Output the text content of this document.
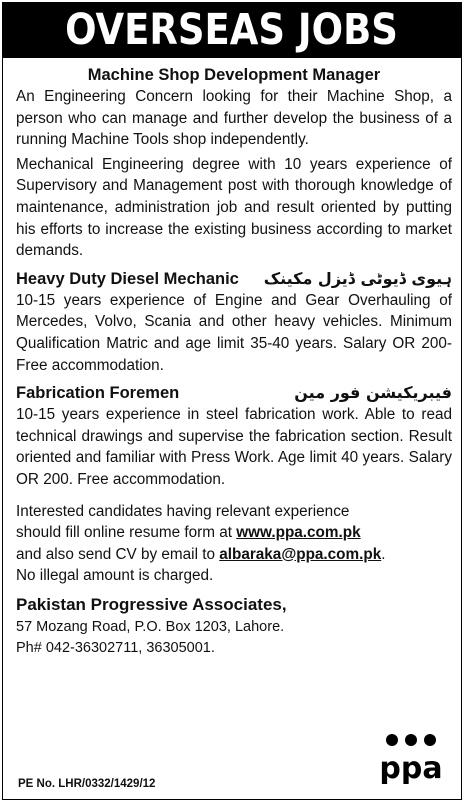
OVERSEAS JOBS
Machine Shop Development Manager

An Engineering Concern looking for their Machine Shop, a person who can manage and further develop the business of a running Machine Tools shop independently.

Mechanical Engineering degree with 10 years experience of Supervisory and Management post with thorough knowledge of maintenance, administration job and result oriented by putting his efforts to increase the existing business according to market demands.

Heavy Duty Diesel Mechanic ہیوی ڈیوٹی ڈیزل مکینک

10-15 years experience of Engine and Gear Overhauling of Mercedes, Volvo, Scania and other heavy vehicles. Minimum Qualification Matric and age limit 35-40 years. Salary OR 200- Free accommodation.

Fabrication Foremen	فیبریکیشن فور مین

10-15 years experience in steel fabrication work. Able to read technical drawings and supervise the fabrication section. Result oriented and familiar with Press Work. Age limit 40 years. Salary OR 200. Free accommodation.

Interested candidates having relevant experience

should fill online resume form at www.ppa.com.pk

and also send CV by email to albaraka@ppa.com.pk.

No illegal amount is charged.

Pakistan Progressive Associates,

57 Mozang Road, P.O. Box 1203, Lahore.

Ph# 042-36302711, 36305001.

PE No. LHR/0332/1429/12	ppa
